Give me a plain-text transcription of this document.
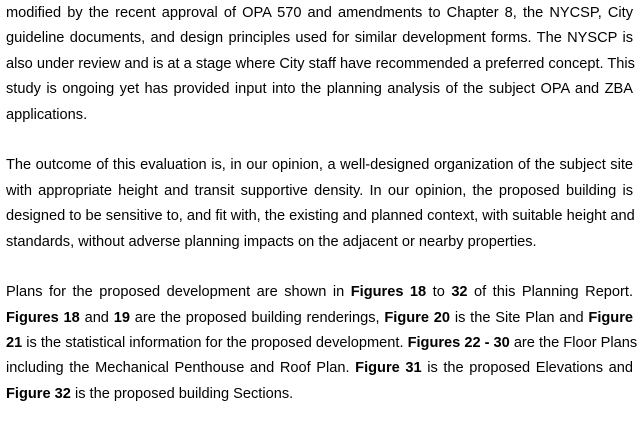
modified by the recent approval of OPA 570 and amendments to Chapter 8, the NYCSP, City
guideline documents, and design principles used for similar development forms. The NYSCP is
also under review and is at a stage where City staff have recommended a preferred concept. This
study is ongoing yet has provided input into the planning analysis of the subject OPA and ZBA
applications.
The outcome of this evaluation is, in our opinion, a well-designed organization of the subject site
with appropriate height and transit supportive density. In our opinion, the proposed building is
designed to be sensitive to, and fit with, the existing and planned context, with suitable height and
standards, without adverse planning impacts on the adjacent or nearby properties.
Plans for the proposed development are shown in Figures 18 to 32 of this Planning Report.
Figures 18 and 19 are the proposed building renderings, Figure 20 is the Site Plan and Figure
21 is the statistical information for the proposed development. Figures 22 - 30 are the Floor Plans
including the Mechanical Penthouse and Roof Plan. Figure 31 is the proposed Elevations and
Figure 32 is the proposed building Sections.
